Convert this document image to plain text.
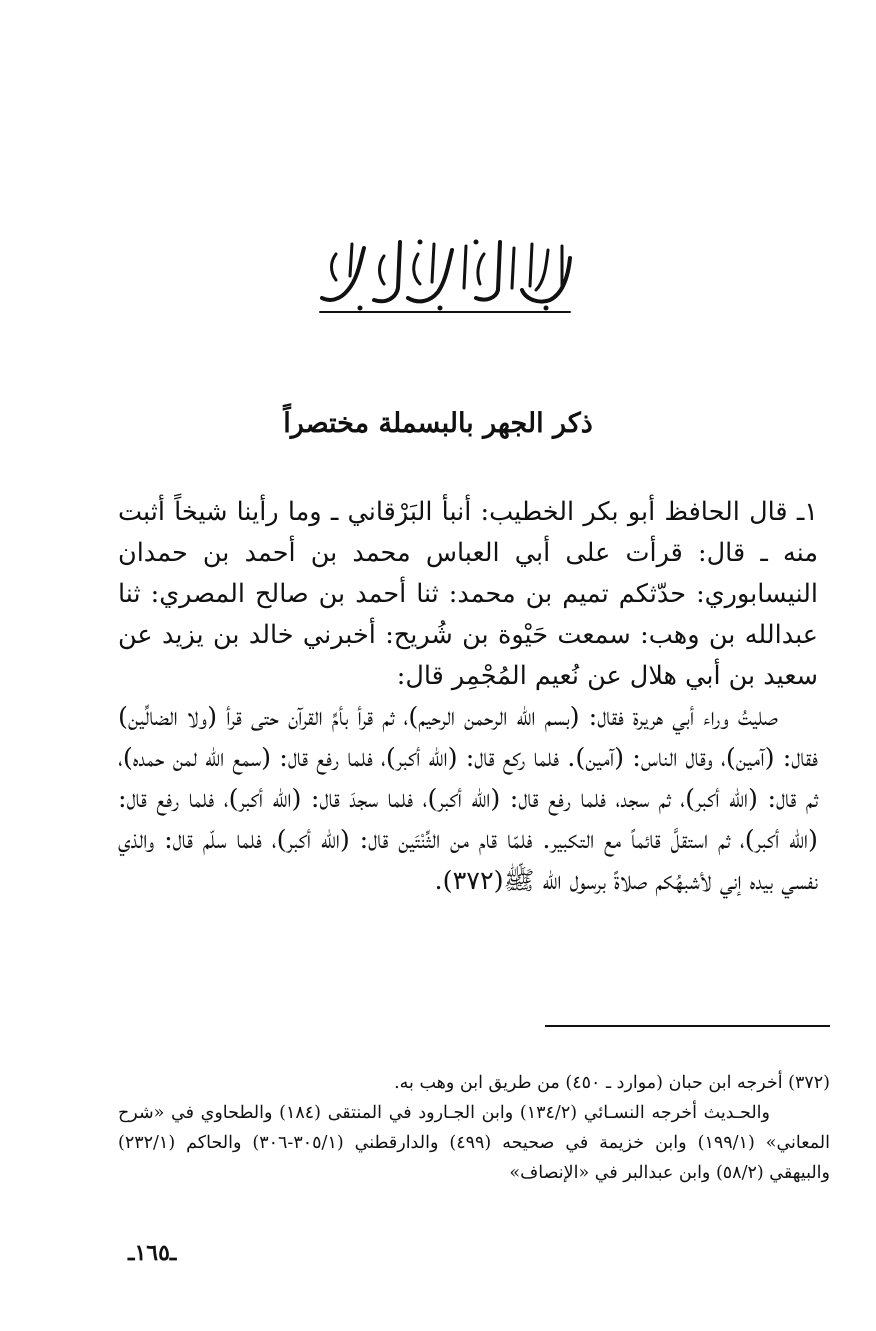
ذكر الجهر بالبسملة مختصراً

١ـ قال الحافظ أبو بكر الخطيب: أنبأ البَرْقاني ـ وما رأينا شيخاً أثبت منه ـ قال: قرأت على أبي العباس محمد بن أحمد بن حمدان النيسابوري: حدّثكم تميم بن محمد: ثنا أحمد بن صالح المصري: ثنا عبدالله بن وهب: سمعت حَيْوة بن شُريح: أخبرني خالد بن يزيد عن سعيد بن أبي هلال عن نُعيم المُجْمِر قال:

صليتُ وراء أبي هريرة فقال: (بسم الله الرحمن الرحيم)، ثم قرأ بأمِّ القرآن حتى قرأ (ولا الضالِّين) فقال: (آمين)، وقال الناس: (آمين). فلما ركع قال: (الله أكبر)، فلما رفع قال: (سمع الله لمن حمده)، ثم قال: (الله أكبر)، ثم سجد، فلما رفع قال: (الله أكبر)، فلما سجدَ قال: (الله أكبر)، فلما رفع قال: (الله أكبر)، ثم استقلَّ قائماً مع التكبير. فلمّا قام من الثِّنْتَين قال: (الله أكبر)، فلما سلّم قال: والذي نفسي بيده إني لأشبهُكم صلاةً برسول الله ﷺ(٣٧٢).

(٣٧٢) أخرجه ابن حبان (موارد ـ ٤٥٠) من طريق ابن وهب به.

والحـديث أخرجه النسـائي (١٣٤/٢) وابن الجـارود في المنتقى (١٨٤) والطحاوي في «شرح المعاني» (١٩٩/١) وابن خزيمة في صحيحه (٤٩٩) والدارقطني (٣٠٥/١-٣٠٦) والحاكم (٢٣٢/١) والبيهقي (٥٨/٢) وابن عبدالبر في «الإنصاف»

ـ١٦٥ـ
